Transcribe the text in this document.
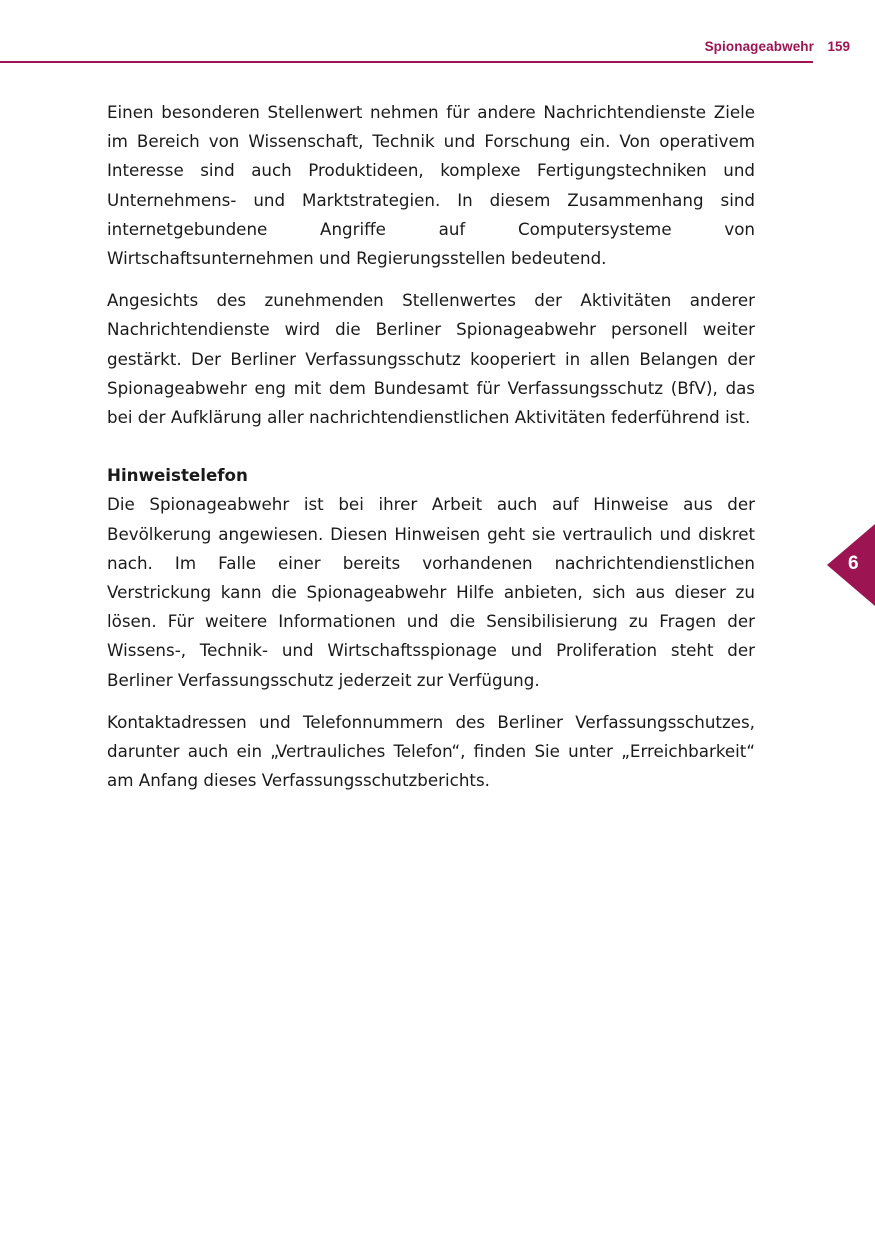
Spionageabwehr 159

Einen besonderen Stellenwert nehmen für andere Nachrichtendienste Ziele im Bereich von Wissenschaft, Technik und Forschung ein. Von operativem Interesse sind auch Produktideen, komplexe Fertigungstechniken und Unternehmens- und Marktstrategien. In diesem Zusammenhang sind internetgebundene Angriffe auf Computersysteme von Wirtschaftsunternehmen und Regierungsstellen bedeutend.

Angesichts des zunehmenden Stellenwertes der Aktivitäten anderer Nachrichtendienste wird die Berliner Spionageabwehr personell weiter gestärkt. Der Berliner Verfassungsschutz kooperiert in allen Belangen der Spionageabwehr eng mit dem Bundesamt für Verfassungsschutz (BfV), das bei der Aufklärung aller nachrichtendienstlichen Aktivitäten federführend ist.

Hinweistelefon

Die Spionageabwehr ist bei ihrer Arbeit auch auf Hinweise aus der Bevölkerung angewiesen. Diesen Hinweisen geht sie vertraulich und diskret nach. Im Falle einer bereits vorhandenen nachrichtendienstlichen Verstrickung kann die Spionageabwehr Hilfe anbieten, sich aus dieser zu lösen. Für weitere Informationen und die Sensibilisierung zu Fragen der Wissens-, Technik- und Wirtschaftsspionage und Proliferation steht der Berliner Verfassungsschutz jederzeit zur Verfügung.

Kontaktadressen und Telefonnummern des Berliner Verfassungsschutzes, darunter auch ein „Vertrauliches Telefon“, finden Sie unter „Erreichbarkeit“ am Anfang dieses Verfassungsschutzberichts.

6
